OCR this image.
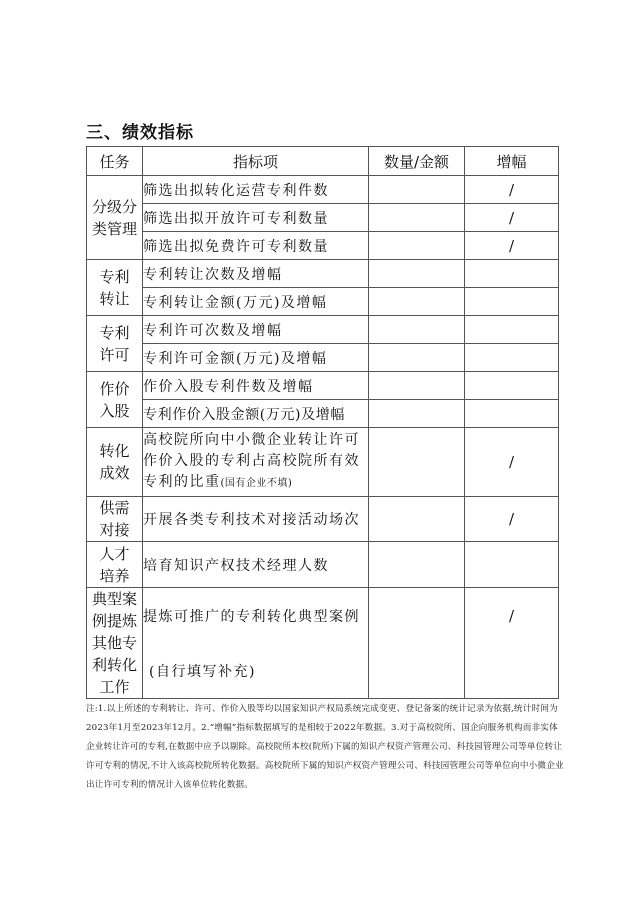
三、绩效指标
任务	指标项	数量/金额	增幅

分级分
类管理	筛选出拟转化运营专利件数		/
	筛选出拟开放许可专利数量		/
	筛选出拟免费许可专利数量		/

专利
转让	专利转让次数及增幅		
	专利转让金额(万元)及增幅		

专利
许可	专利许可次数及增幅		
	专利许可金额(万元)及增幅		

作价
入股	作价入股专利件数及增幅		
	专利作价入股金额(万元)及增幅		

转化
成效	高校院所向中小微企业转让许可作价入股的专利占高校院所有效专利的比重(国有企业不填)		/

供需
对接	开展各类专利技术对接活动场次		/

人才
培养	培育知识产权技术经理人数		

典型案
例提炼
其他专
利转化
工作	提炼可推广的专利转化典型案例		/
	(自行填写补充)		
注:1.以上所述的专利转让、许可、作价入股等均以国家知识产权局系统完成变更、登记备案的统计记录为依据,统计时间为2023年1月至2023年12月。2.“增幅”指标数据填写的是相较于2022年数据。3.对于高校院所、国企向服务机构而非实体企业转让许可的专利,在数据中应予以剔除。高校院所本校(院所)下属的知识产权资产管理公司、科技园管理公司等单位转让许可专利的情况,不计入该高校院所转化数据。高校院所下属的知识产权资产管理公司、科技园管理公司等单位向中小微企业出让许可专利的情况计入该单位转化数据。
